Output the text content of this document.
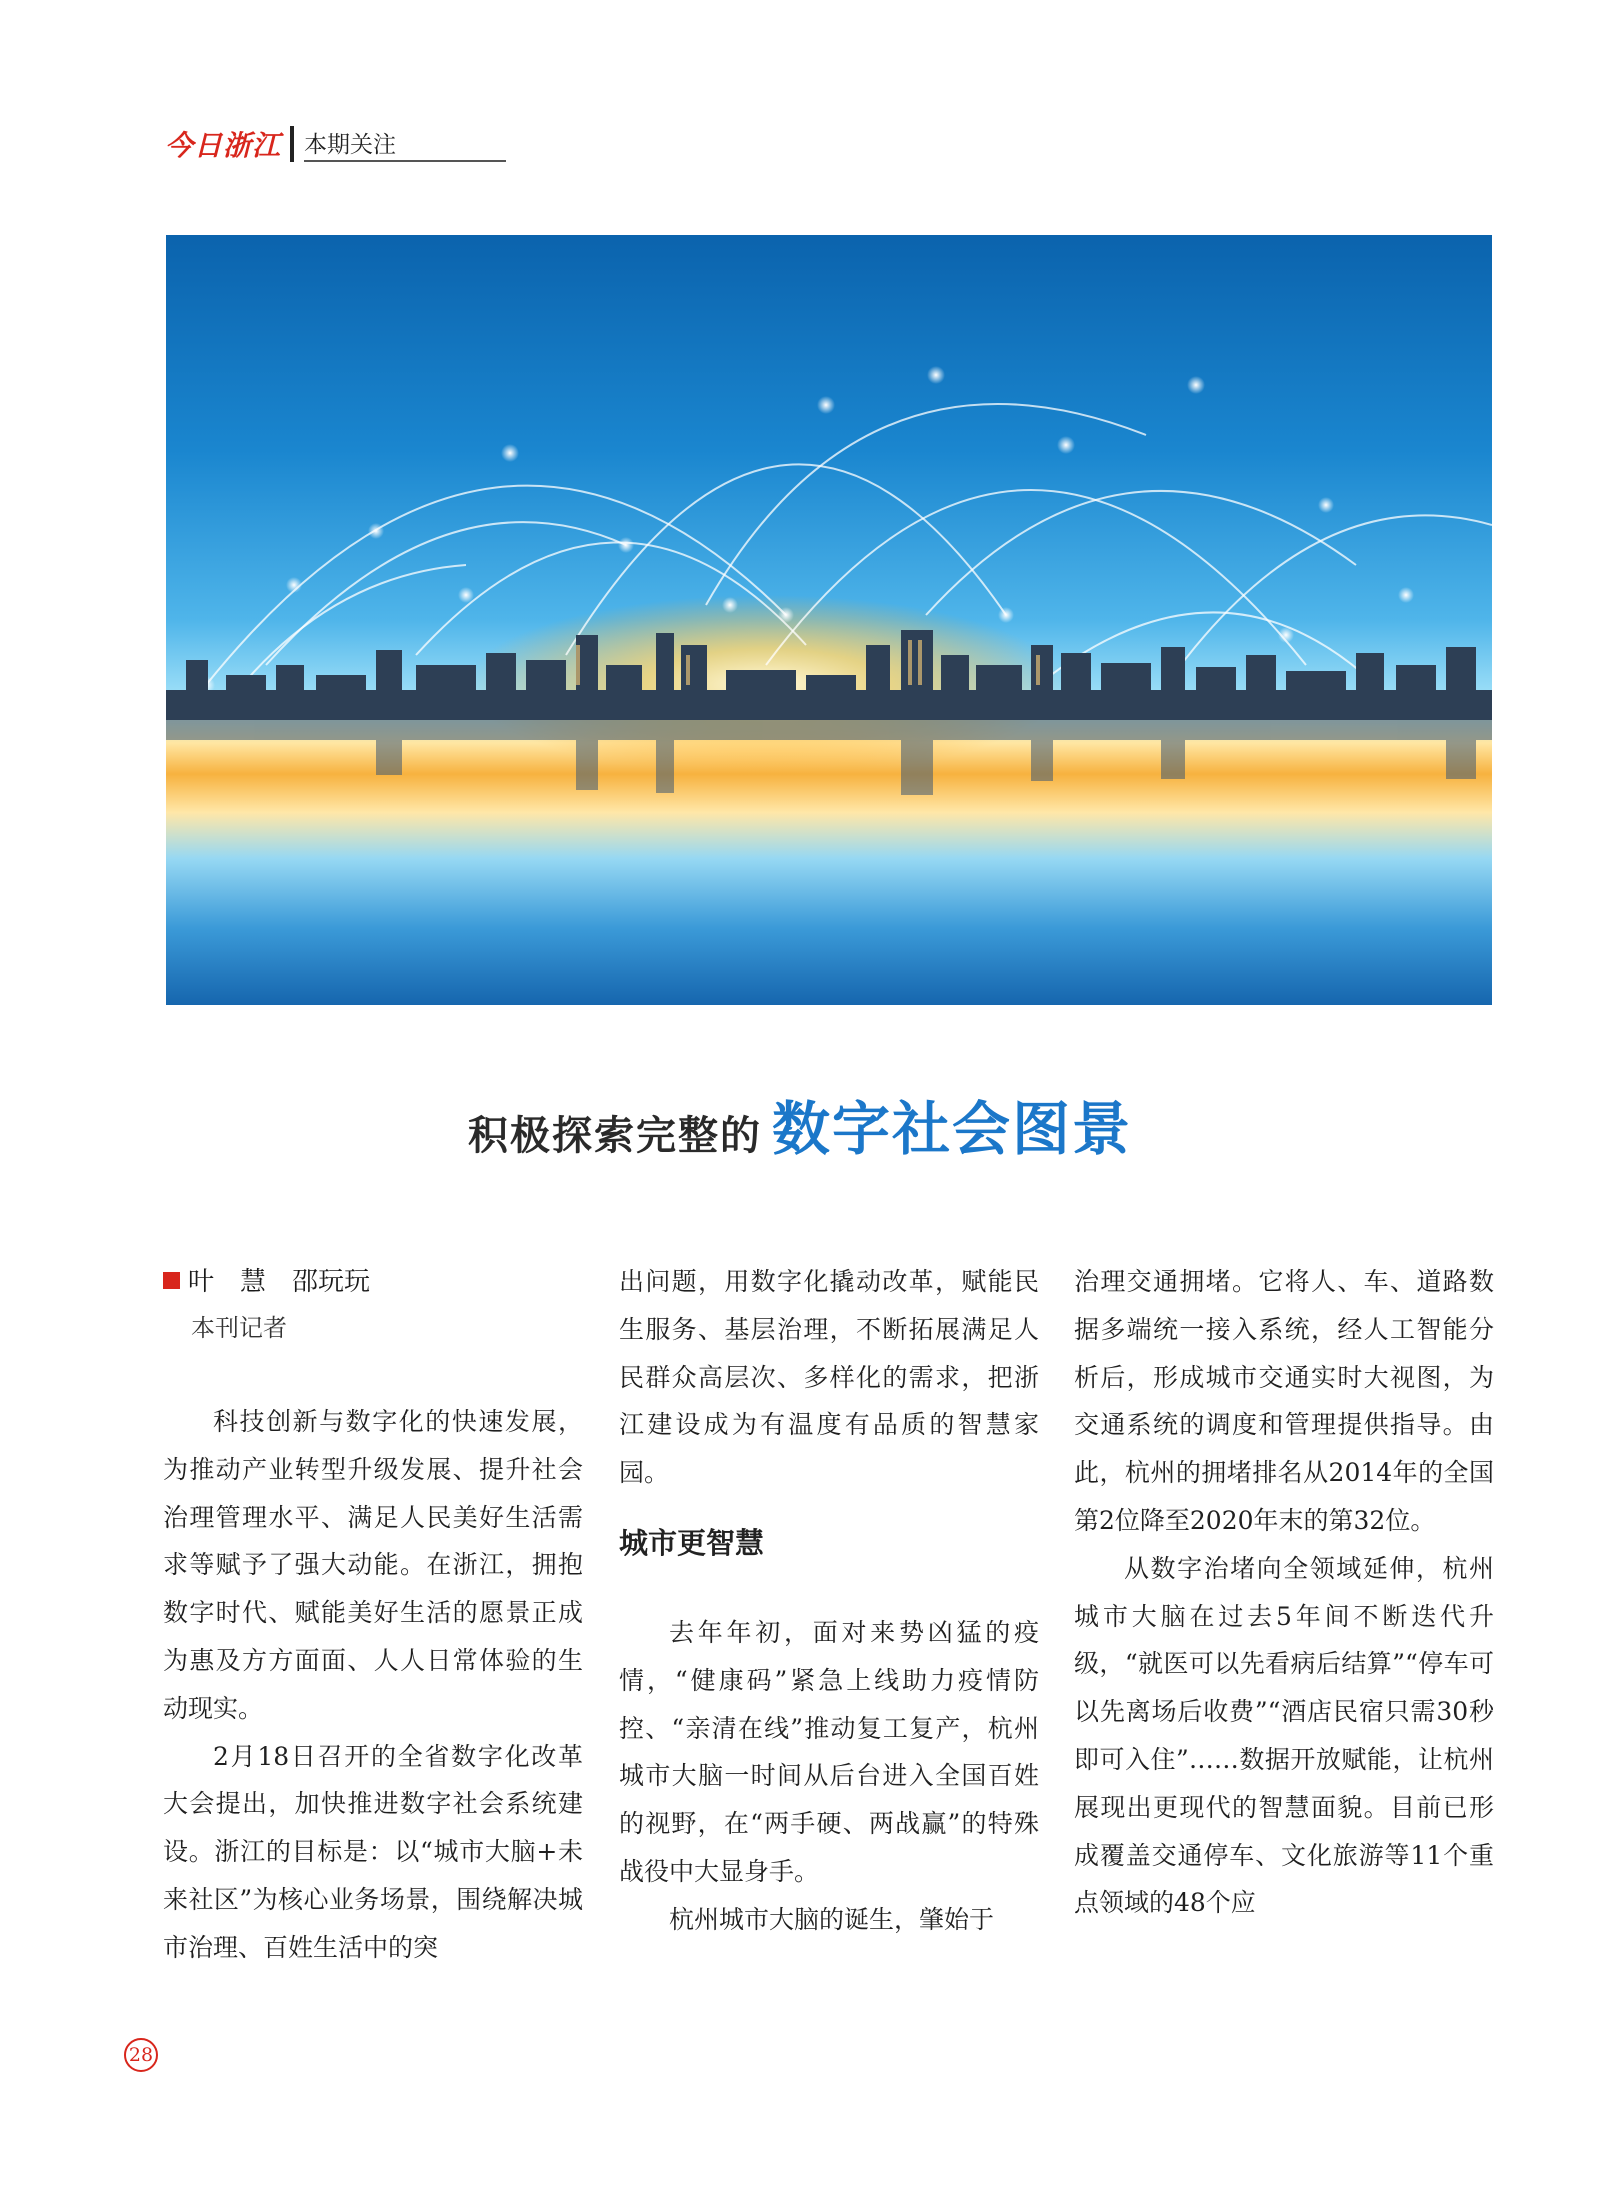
今日浙江 本期关注
积极探索完整的 数字社会图景
叶　慧　邵玩玩
本刊记者

科技创新与数字化的快速发展，为推动产业转型升级发展、提升社会治理管理水平、满足人民美好生活需求等赋予了强大动能。在浙江，拥抱数字时代、赋能美好生活的愿景正成为惠及方方面面、人人日常体验的生动现实。

2月18日召开的全省数字化改革大会提出，加快推进数字社会系统建设。浙江的目标是：以“城市大脑+未来社区”为核心业务场景，围绕解决城市治理、百姓生活中的突

出问题，用数字化撬动改革，赋能民生服务、基层治理，不断拓展满足人民群众高层次、多样化的需求，把浙江建设成为有温度有品质的智慧家园。

城市更智慧

去年年初，面对来势凶猛的疫情，“健康码”紧急上线助力疫情防控、“亲清在线”推动复工复产，杭州城市大脑一时间从后台进入全国百姓的视野，在“两手硬、两战赢”的特殊战役中大显身手。

杭州城市大脑的诞生，肇始于

治理交通拥堵。它将人、车、道路数据多端统一接入系统，经人工智能分析后，形成城市交通实时大视图，为交通系统的调度和管理提供指导。由此，杭州的拥堵排名从2014年的全国第2位降至2020年末的第32位。

从数字治堵向全领域延伸，杭州城市大脑在过去5年间不断迭代升级，“就医可以先看病后结算”“停车可以先离场后收费”“酒店民宿只需30秒即可入住”……数据开放赋能，让杭州展现出更现代的智慧面貌。目前已形成覆盖交通停车、文化旅游等11个重点领域的48个应

28
